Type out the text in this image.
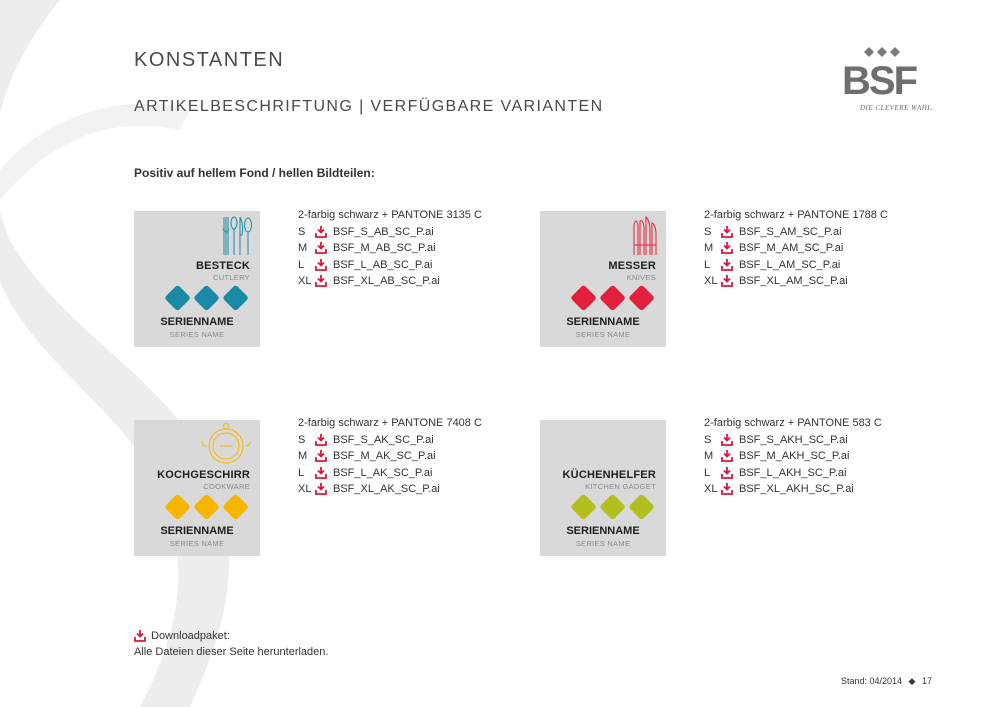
KONSTANTEN
ARTIKELBESCHRIFTUNG | VERFÜGBARE VARIANTEN
BSF
DIE CLEVERE WAHL.
Positiv auf hellem Fond / hellen Bildteilen:
BESTECK
CUTLERY
SERIENNAME
SERIES NAME
2-farbig schwarz + PANTONE 3135 C
S	BSF_S_AB_SC_P.ai
M	BSF_M_AB_SC_P.ai
L	BSF_L_AB_SC_P.ai
XL	BSF_XL_AB_SC_P.ai
MESSER
KNIVES
SERIENNAME
SERIES NAME
2-farbig schwarz + PANTONE 1788 C
S	BSF_S_AM_SC_P.ai
M	BSF_M_AM_SC_P.ai
L	BSF_L_AM_SC_P.ai
XL	BSF_XL_AM_SC_P.ai
KOCHGESCHIRR
COOKWARE
SERIENNAME
SERIES NAME
2-farbig schwarz + PANTONE 7408 C
S	BSF_S_AK_SC_P.ai
M	BSF_M_AK_SC_P.ai
L	BSF_L_AK_SC_P.ai
XL	BSF_XL_AK_SC_P.ai
KÜCHENHELFER
KITCHEN GADGET
SERIENNAME
SERIES NAME
2-farbig schwarz + PANTONE 583 C
S	BSF_S_AKH_SC_P.ai
M	BSF_M_AKH_SC_P.ai
L	BSF_L_AKH_SC_P.ai
XL	BSF_XL_AKH_SC_P.ai
Downloadpaket:
Alle Dateien dieser Seite herunterladen.
Stand: 04/2014 ◆ 17
